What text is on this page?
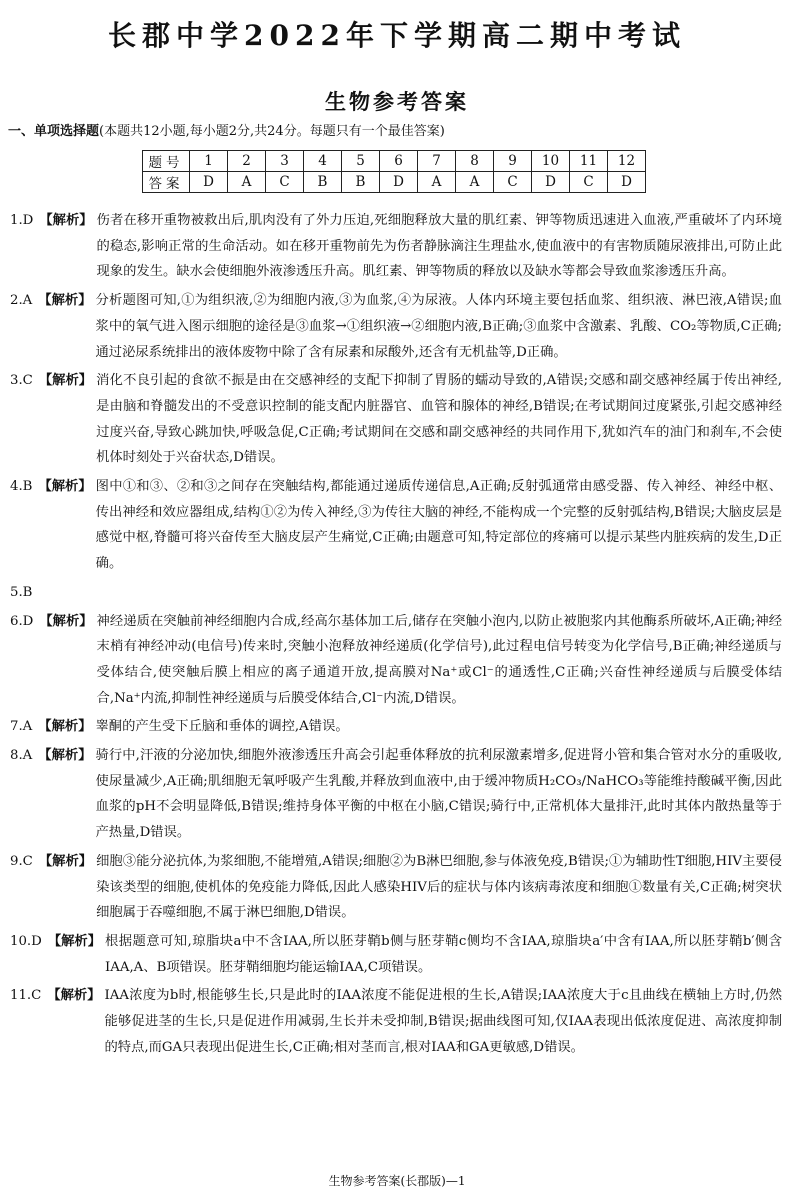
长郡中学2022年下学期高二期中考试
生物参考答案
一、单项选择题(本题共12小题,每小题2分,共24分。每题只有一个最佳答案)
题号	1	2	3	4	5	6	7	8	9	10	11	12
答案	D	A	C	B	B	D	A	A	C	D	C	D
1.D 【 解析 】	伤者在移开重物被救出后,肌肉没有了外力压迫,死细胞释放大量的肌红素、钾等物质迅速进入血液,严重破坏了内环境的稳态,影响正常的生命活动。如在移开重物前先为伤者静脉滴注生理盐水,使血液中的有害物质随尿液排出,可防止此现象的发生。缺水会使细胞外液渗透压升高。肌红素、钾等物质的释放以及缺水等都会导致血浆渗透压升高。
2.A 【 解析 】	分析题图可知,①为组织液,②为细胞内液,③为血浆,④为尿液。人体内环境主要包括血浆、组织液、淋巴液,A错误;血浆中的氧气进入图示细胞的途径是③血浆→①组织液→②细胞内液,B正确;③血浆中含激素、乳酸、CO₂等物质,C正确;通过泌尿系统排出的液体废物中除了含有尿素和尿酸外,还含有无机盐等,D正确。
3.C 【 解析 】	消化不良引起的食欲不振是由在交感神经的支配下抑制了胃肠的蠕动导致的,A错误;交感和副交感神经属于传出神经,是由脑和脊髓发出的不受意识控制的能支配内脏器官、血管和腺体的神经,B错误;在考试期间过度紧张,引起交感神经过度兴奋,导致心跳加快,呼吸急促,C正确;考试期间在交感和副交感神经的共同作用下,犹如汽车的油门和刹车,不会使机体时刻处于兴奋状态,D错误。
4.B 【 解析 】	图中①和③、②和③之间存在突触结构,都能通过递质传递信息,A正确;反射弧通常由感受器、传入神经、神经中枢、传出神经和效应器组成,结构①②为传入神经,③为传往大脑的神经,不能构成一个完整的反射弧结构,B错误;大脑皮层是感觉中枢,脊髓可将兴奋传至大脑皮层产生痛觉,C正确;由题意可知,特定部位的疼痛可以提示某些内脏疾病的发生,D正确。
5.B
6.D 【 解析 】	神经递质在突触前神经细胞内合成,经高尔基体加工后,储存在突触小泡内,以防止被胞浆内其他酶系所破坏,A正确;神经末梢有神经冲动(电信号)传来时,突触小泡释放神经递质(化学信号),此过程电信号转变为化学信号,B正确;神经递质与受体结合,使突触后膜上相应的离子通道开放,提高膜对Na⁺或Cl⁻的通透性,C正确;兴奋性神经递质与后膜受体结合,Na⁺内流,抑制性神经递质与后膜受体结合,Cl⁻内流,D错误。
7.A 【 解析 】	睾酮的产生受下丘脑和垂体的调控,A错误。
8.A 【 解析 】	骑行中,汗液的分泌加快,细胞外液渗透压升高会引起垂体释放的抗利尿激素增多,促进肾小管和集合管对水分的重吸收,使尿量减少,A正确;肌细胞无氧呼吸产生乳酸,并释放到血液中,由于缓冲物质H₂CO₃/NaHCO₃等能维持酸碱平衡,因此血浆的pH不会明显降低,B错误;维持身体平衡的中枢在小脑,C错误;骑行中,正常机体大量排汗,此时其体内散热量等于产热量,D错误。
9.C 【 解析 】	细胞③能分泌抗体,为浆细胞,不能增殖,A错误;细胞②为B淋巴细胞,参与体液免疫,B错误;①为辅助性T细胞,HIV主要侵染该类型的细胞,使机体的免疫能力降低,因此人感染HIV后的症状与体内该病毒浓度和细胞①数量有关,C正确;树突状细胞属于吞噬细胞,不属于淋巴细胞,D错误。
10.D 【 解析 】	根据题意可知,琼脂块a中不含IAA,所以胚芽鞘b侧与胚芽鞘c侧均不含IAA,琼脂块a′中含有IAA,所以胚芽鞘b′侧含IAA,A、B项错误。胚芽鞘细胞均能运输IAA,C项错误。
11.C 【 解析 】	IAA浓度为b时,根能够生长,只是此时的IAA浓度不能促进根的生长,A错误;IAA浓度大于c且曲线在横轴上方时,仍然能够促进茎的生长,只是促进作用减弱,生长并未受抑制,B错误;据曲线图可知,仅IAA表现出低浓度促进、高浓度抑制的特点,而GA只表现出促进生长,C正确;相对茎而言,根对IAA和GA更敏感,D错误。
生物参考答案(长郡版)—1
